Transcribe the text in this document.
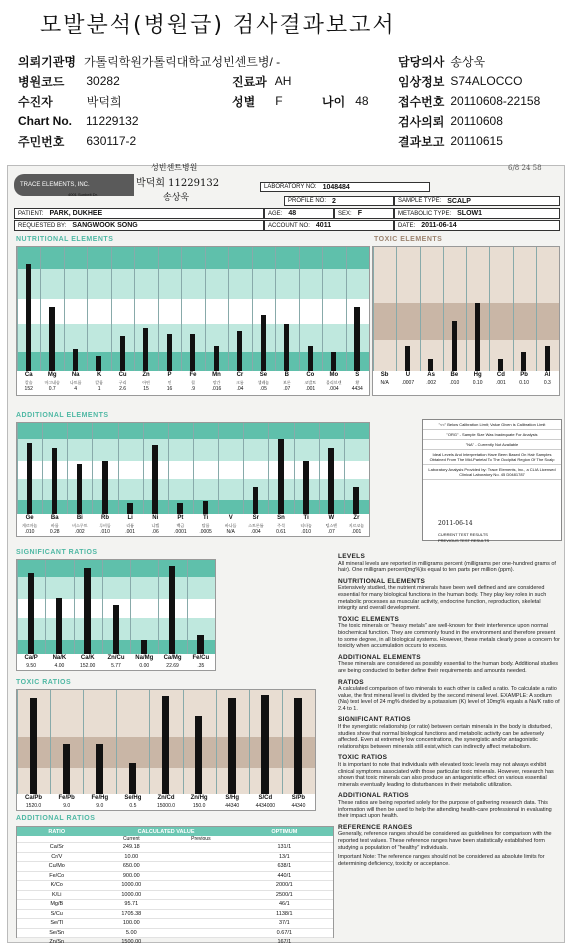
모발분석(병원급) 검사결과보고서
의뢰기관명 가톨릭학원가톨릭대학교성빈센트병/ -	담당의사 송상욱
병원코드 30282	진료과 AH	임상정보 S74ALOCCO
수진자	박덕희	성별 F	나이 48 접수번호 20110608-22158
Chart No. 11229132	검사의뢰 20110608
주민번호 630117-2	결과보고 20110615
6/8 24 58
TRACE ELEMENTS, INC.
4001 Sunbelt Dr.
성빈센트병원
박덕희 11229132
송상욱
LABORATORY NO: 1048484
PROFILE NO: 2	SAMPLE TYPE: SCALP
PATIENT: PARK, DUKHEE	AGE: 48	SEX: F	METABOLIC TYPE: SLOW1
REQUESTED BY: SANGWOOK SONG	ACCOUNT NO: 4011	DATE: 2011-06-14
NUTRITIONAL ELEMENTS	TOXIC ELEMENTS
ADDITIONAL ELEMENTS
SIGNIFICANT RATIOS
TOXIC RATIOS
ADDITIONAL RATIOS
Ca
칼슘
152
Mg
마그네슘
0.7
Na
나트륨
4
K
칼륨
1
Cu
구리
2.6
Zn
아연
15
P
인
16
Fe
철
.9
Mn
망간
.016
Cr
크롬
.04
Se
셀레늄
.05
B
보론
.07
Co
코발트
.001
Mo
몰리브덴
.004
S
황
4434
Sb
N/A
U
.0007
As
.002
Be
.010
Hg
0.10
Cd
.001
Pb
0.10
Al
0.3
Ge
게르마늄
.010
Ba
바륨
0.28
Bi
비스무트
.002
Rb
루비듐
.010
Li
리튬
.001
Ni
니켈
.06
Pt
백금
.0001
Ti
탈륨
.0005
V
바나듐
N/A
Sr
스트론튬
.004
Sn
주석
0.61
Ti
티타늄
.010
W
텅스텐
.07
Zr
지르코늄
.001
Ca/P
9.50
Na/K
4.00
Ca/K
152.00
Zn/Cu
5.77
Na/Mg
0.00
Ca/Mg
22.69
Fe/Cu
.35
Ca/Pb
1520.0
Fe/Pb
9.0
Fe/Hg
9.0
Se/Hg
0.5
Zn/Cd
15000.0
Zn/Hg
150.0
S/Hg
44340
S/Cd
4434000
S/Pb
44340
"<<" Below Calibration Limit; Value Given is Calibration Limit
"ORG" - Sample Size Was Inadequate For Analysis
"NA" - Currently Not Available
Ideal Levels And Interpretation Have Been Based On Hair Samples Obtained From The Mid-Parietal To The Occipital Region Of The Scalp
Laboratory Analysis Provided by: Trace Elements, Inc., a CLIA Licensed Clinical Laboratory No. 45 D0481787
2011-06-14
CURRENT TEST RESULTS
PREVIOUS TEST RESULTS
LEVELS

All mineral levels are reported in milligrams percent (milligrams per one-hundred grams of hair). One milligram percent(mg%)is equal to ten parts per million (ppm).

NUTRITIONAL ELEMENTS

Extensively studied, the nutrient minerals have been well defined and are considered essential for many biological functions in the human body. They play key roles in such metabolic processes as muscular activity, endocrine function, reproduction, skeletal integrity and overall development.

TOXIC ELEMENTS

The toxic minerals or "heavy metals" are well-known for their interference upon normal biochemical function. They are commonly found in the environment and therefore present to some degree, in all biological systems. However, these metals clearly pose a concern for toxicity when accumulation occurs to excess.

ADDITIONAL ELEMENTS

These minerals are considered as possibly essential to the human body. Additional studies are being conducted to better define their requirements and amounts needed.

RATIOS

A calculated comparison of two minerals to each other is called a ratio. To calculate a ratio value, the first mineral level is divided by the second mineral level. EXAMPLE: A sodium (Na) test level of 24 mg% divided by a potassium (K) level of 10mg% equals a Na/K ratio of 2.4 to 1.

SIGNIFICANT RATIOS

If the synergistic relationship (or ratio) between certain minerals in the body is disturbed, studies show that normal biological functions and metabolic activity can be adversely affected. Even at extremely low concentrations, the synergistic and/or antagonistic relationships between minerals still exist,which can indirectly affect metabolism.

TOXIC RATIOS

It is important to note that individuals with elevated toxic levels may not always exhibit clinical symptoms associated with those particular toxic minerals. However, research has shown that toxic minerals can also produce an antagonistic effect on various essential minerals eventually leading to disturbances in their metabolic utilization.

ADDITIONAL RATIOS

These ratios are being reported solely for the purpose of gathering research data. This information will then be used to help the attending health-care professional in evaluating their impact upon health.

REFERENCE RANGES

Generally, reference ranges should be considered as guidelines for comparison with the reported test values. These reference ranges have been statistically established form studying a population of "healthy" individuals.

Important Note: The reference ranges should not be considered as absolute limits for determining deficiency, toxicity or acceptance.

RATIO	CALCULATED VALUE	OPTIMUM
Current	Previous
Ca/Sr	249.18	131/1
Cr/V	10.00	13/1
Cu/Mo	650.00	638/1
Fe/Co	900.00	440/1
K/Co	1000.00	2000/1
K/Li	1000.00	2500/1
Mg/B	95.71	46/1
S/Cu	1705.38	1138/1
Se/Tl	100.00	37/1
Se/Sn	5.00	0.67/1
Zn/Sn	1500.00	167/1
